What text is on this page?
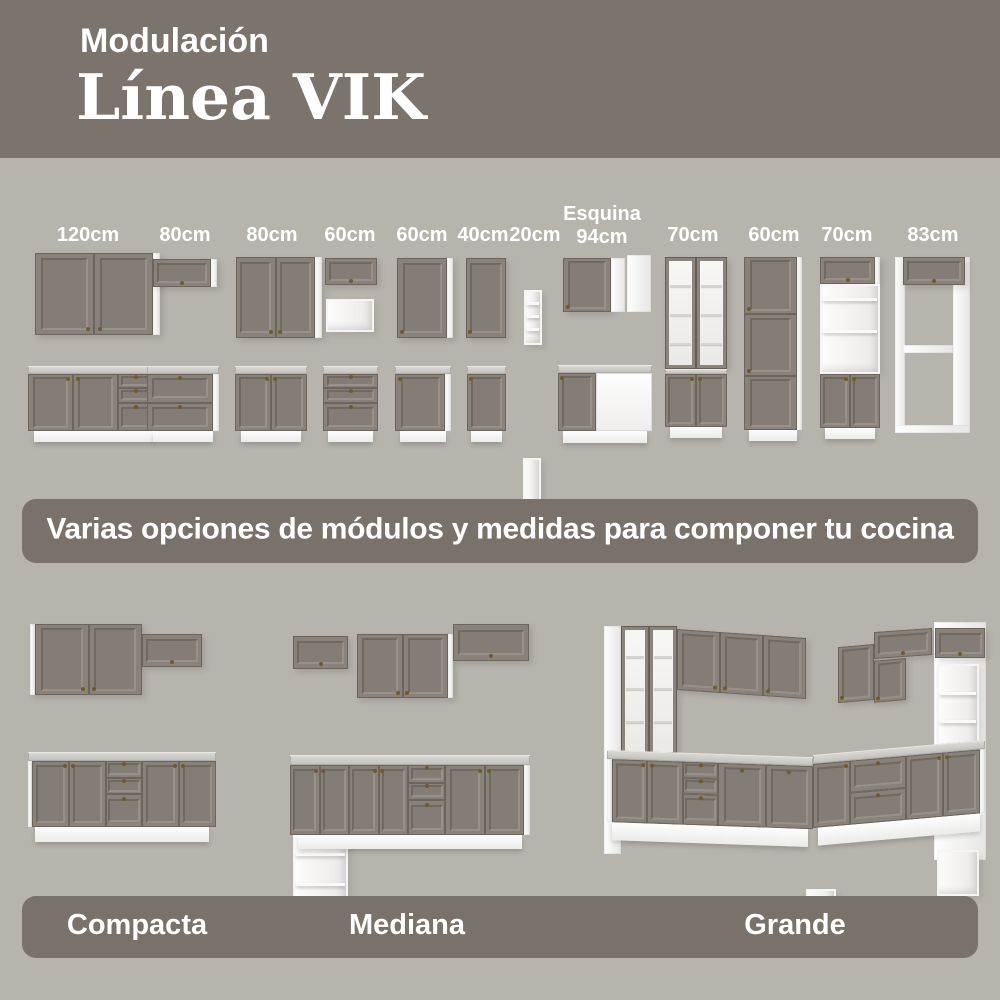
Modulación
Línea VIK
120cm	80cm	80cm	60cm	60cm 40cm 20cm
Esquina 94cm	70cm	60cm	70cm	83cm
Varias opciones de módulos y medidas para componer tu cocina
Compacta	Mediana	Grande
